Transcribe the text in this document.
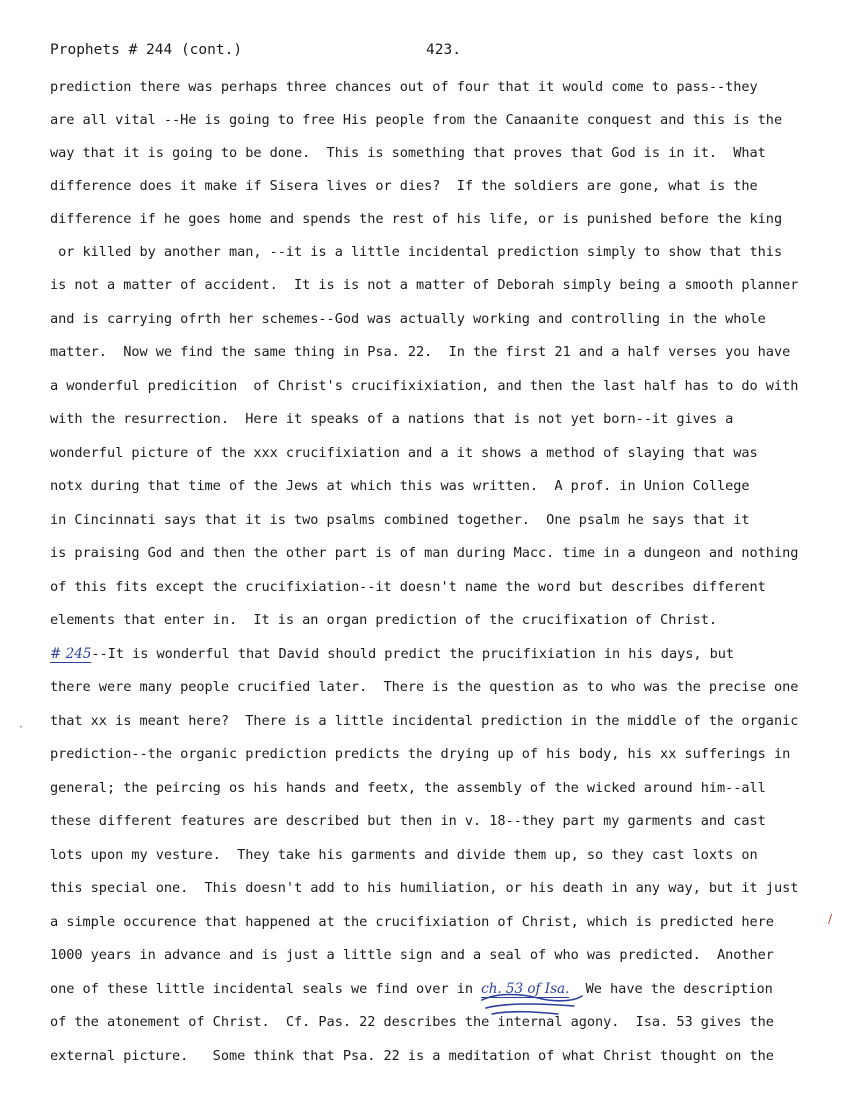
Prophets # 244 (cont.)	423.
prediction there was perhaps three chances out of four that it would come to pass--they
are all vital --He is going to free His people from the Canaanite conquest and this is the
way that it is going to be done.  This is something that proves that God is in it.  What
difference does it make if Sisera lives or dies?  If the soldiers are gone, what is the
difference if he goes home and spends the rest of his life, or is punished before the king
or killed by another man, --it is a little incidental prediction simply to show that this
is not a matter of accident.  It is is not a matter of Deborah simply being a smooth planner
and is carrying ofrth her schemes--God was actually working and controlling in the whole
matter.  Now we find the same thing in Psa. 22.  In the first 21 and a half verses you have
a wonderful predicition  of Christ's crucifixixiation, and then the last half has to do with
with the resurrection.  Here it speaks of a nations that is not yet born--it gives a
wonderful picture of the xxx crucifixiation and a it shows a method of slaying that was
notx during that time of the Jews at which this was written.  A prof. in Union College
in Cincinnati says that it is two psalms combined together.  One psalm he says that it
is praising God and then the other part is of man during Macc. time in a dungeon and nothing
of this fits except the crucifixiation--it doesn't name the word but describes different
elements that enter in.  It is an organ prediction of the crucifixation of Christ.
# 245--It is wonderful that David should predict the prucifixiation in his days, but
there were many people crucified later.  There is the question as to who was the precise one
that xx is meant here?  There is a little incidental prediction in the middle of the organic
prediction--the organic prediction predicts the drying up of his body, his xx sufferings in
general; the peircing os his hands and feetx, the assembly of the wicked around him--all
these different features are described but then in v. 18--they part my garments and cast
lots upon my vesture.  They take his garments and divide them up, so they cast loxts on
this special one.  This doesn't add to his humiliation, or his death in any way, but it just
a simple occurence that happened at the crucifixiation of Christ, which is predicted here
1000 years in advance and is just a little sign and a seal of who was predicted.  Another
one of these little incidental seals we find over in ch. 53 of Isa.  We have the description
of the atonement of Christ.  Cf. Pas. 22 describes the internal agony.  Isa. 53 gives the
external picture.   Some think that Psa. 22 is a meditation of what Christ thought on the
/
·
